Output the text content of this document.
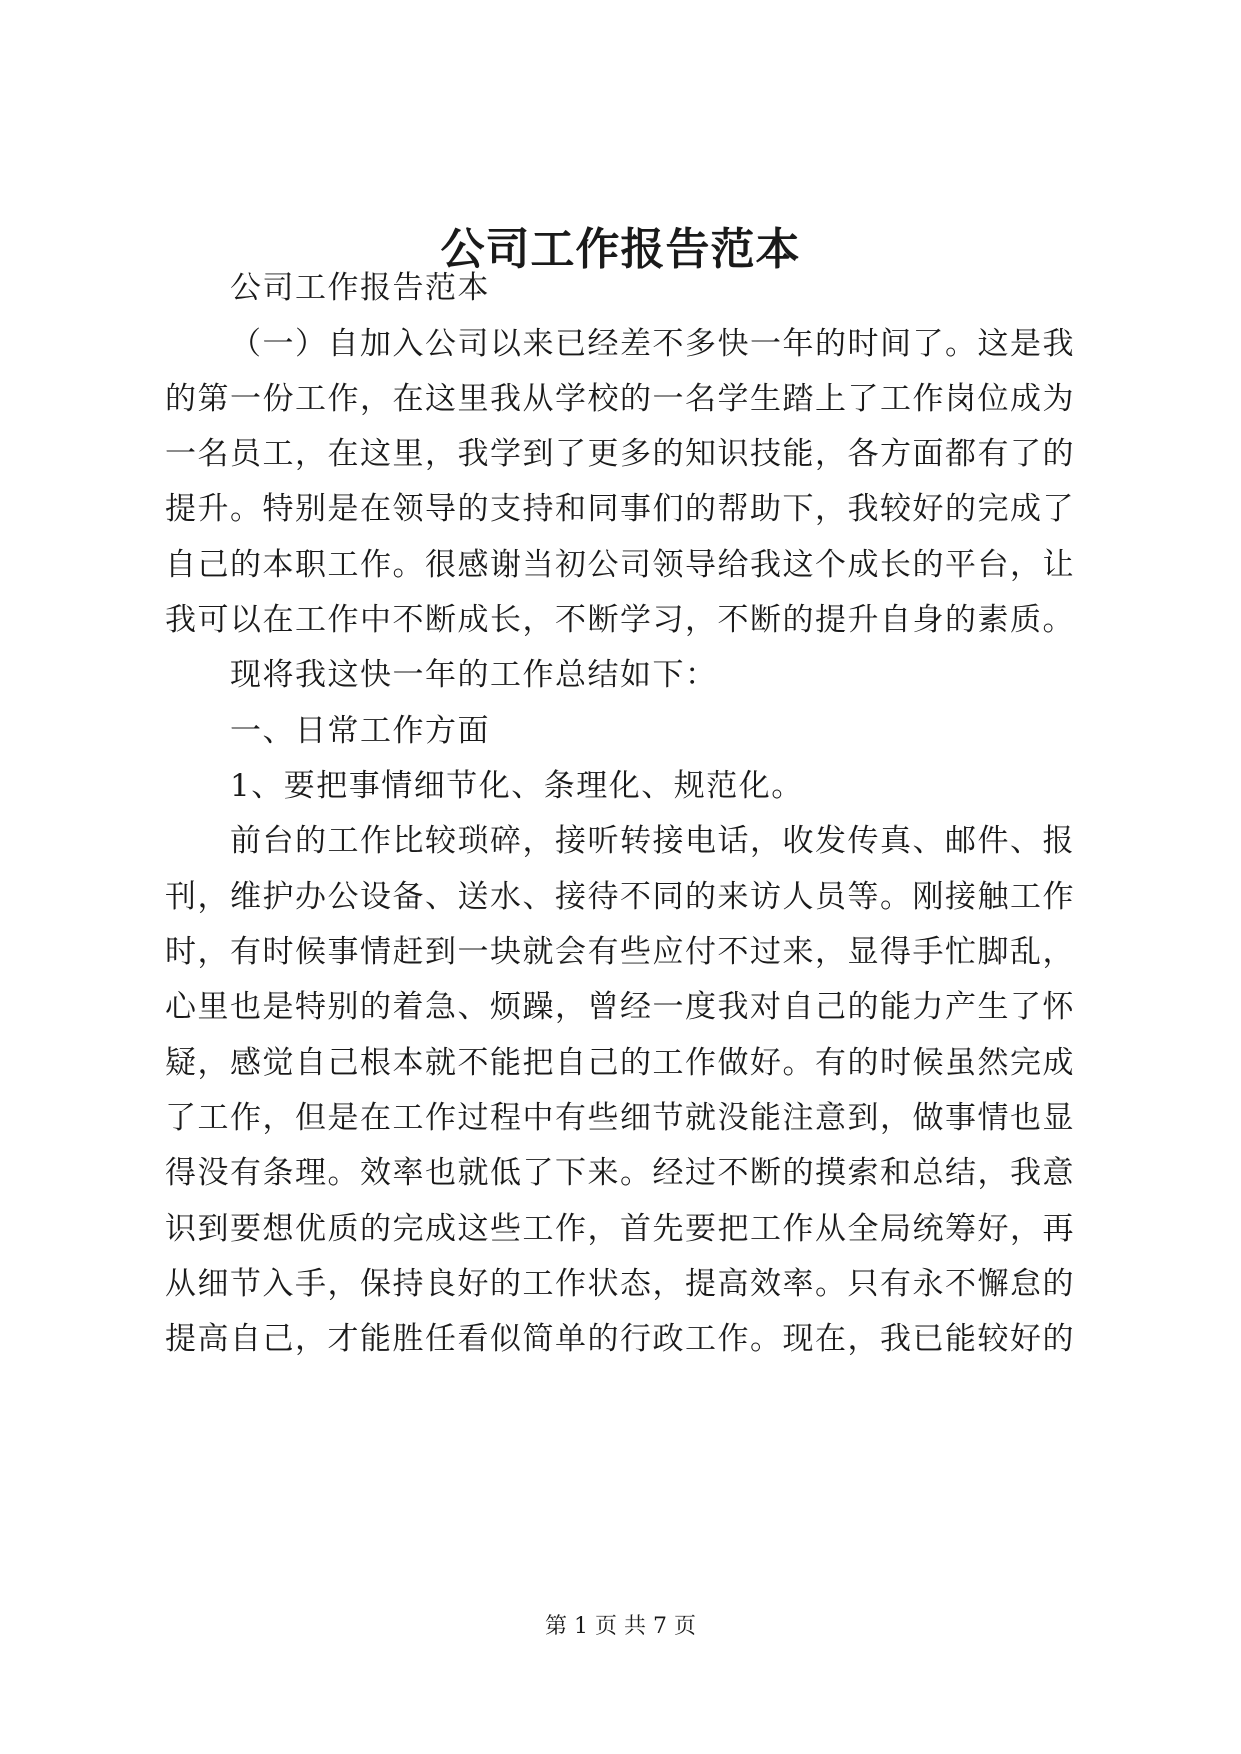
公司工作报告范本
公司工作报告范本
（一）自加入公司以来已经差不多快一年的时间了。这是我
的第一份工作，在这里我从学校的一名学生踏上了工作岗位成为
一名员工，在这里，我学到了更多的知识技能，各方面都有了的
提升。特别是在领导的支持和同事们的帮助下，我较好的完成了
自己的本职工作。很感谢当初公司领导给我这个成长的平台，让
我可以在工作中不断成长，不断学习，不断的提升自身的素质。
现将我这快一年的工作总结如下：
一、日常工作方面
1、要把事情细节化、条理化、规范化。
前台的工作比较琐碎，接听转接电话，收发传真、邮件、报
刊，维护办公设备、送水、接待不同的来访人员等。刚接触工作
时，有时候事情赶到一块就会有些应付不过来，显得手忙脚乱，
心里也是特别的着急、烦躁，曾经一度我对自己的能力产生了怀
疑，感觉自己根本就不能把自己的工作做好。有的时候虽然完成
了工作，但是在工作过程中有些细节就没能注意到，做事情也显
得没有条理。效率也就低了下来。经过不断的摸索和总结，我意
识到要想优质的完成这些工作，首先要把工作从全局统筹好，再
从细节入手，保持良好的工作状态，提高效率。只有永不懈怠的
提高自己，才能胜任看似简单的行政工作。现在，我已能较好的
第 1 页 共 7 页
